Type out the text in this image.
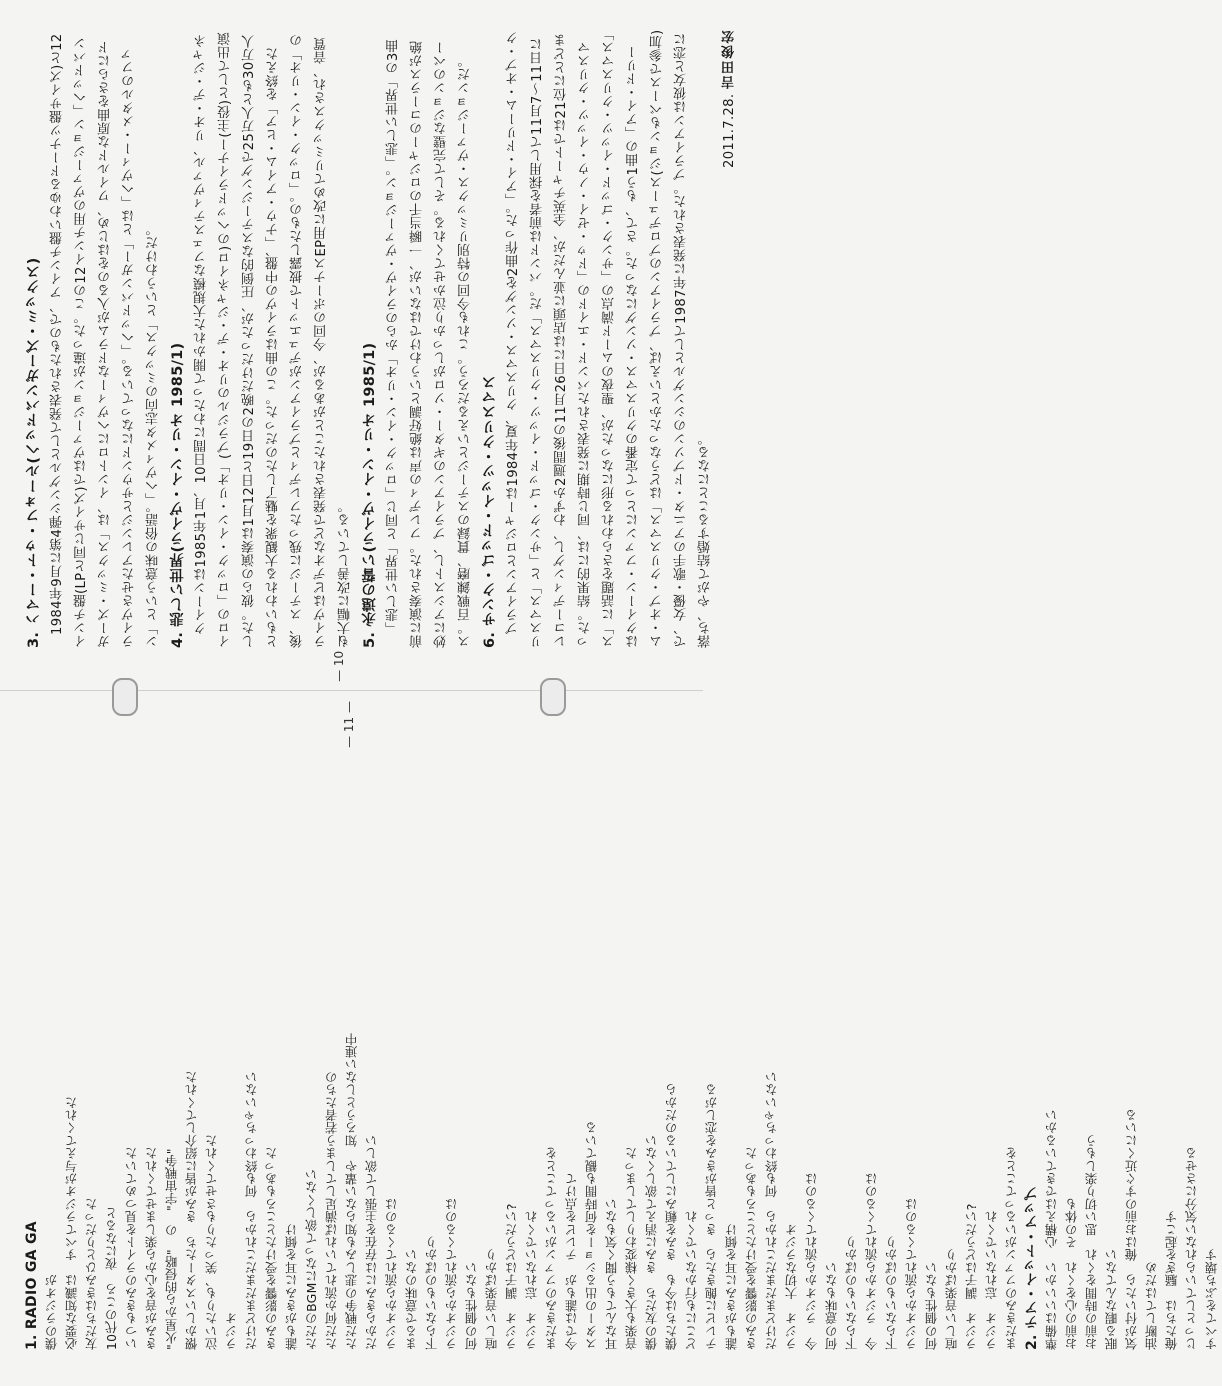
3. ハマー・トゥ・フォール(ヘッドバンガーズ・ミックス) 1984年9月に第4弾シングルとして発表されたもので、アインチ盤いわゆるドーナツ盤サイズ)と12インチ盤(LPと同じサイズ)ではヴァージョンが違った。この12インチ用のヴァージョン「ヘッドバンガーズ・ミックス」は、イントロにヘヴィーなドラムが入るのをはじめ、ワイルドな原曲をさらにドライヴさせたアレンジとサウンドになっている。「ヘッドバンガー」とは「ヘヴィー・メタルのファン」という意味の俗語。「ヘヴィメタ志向のミックス」というわけだ。 4. 悲しい世界(ライヴ・イン・リオ 1985/1) クイーンは1985年1月、10日間にわたって開かれた大規模なフェスティヴァル、リオ・デ・ジャネイロの「ロック・イン・リオ」(ブラジルのリオ・デ・ジャネイロ)のヘッドライナー(主役)として出演した。彼らの演奏は1月12日と19日の2晩だけだったが、圧倒的なステージングで25万人とも30万人ともいわれる大観衆を魅了したのだった。この曲はライヴの中盤、「ナウ・アイム・ヒア」を終えた後、ステージに残ったフレディとブライアンがデュエットで披露したもの。「ロック・イン・リオ」のライヴはビデオなどで発表されたことがあるが、今回のボーナスEP用に改めてリミックスされ、音質も大幅に改善している。 5. 永遠の誓い(ライヴ・イン・リオ 1985/1) 「悲しい世界」と同じ「ロック・イン・リオ」からのライヴ・ヴァージョン。「悲しい世界」の3曲前に演奏された。フレディの声は絶好調というわけではないが、一瞬当千のロジャーのコーラスが絶妙にアシストし、ブライアンのギター・ソロがしっかり泣かせてくれる。そして完璧なジョンのベース。百戦錬磨、貫録のステージといえるだろう。これも今回の特別リミックス・ヴァージョンだ。 6. サンク・ゴッド・イッツ・クリスマス ブライアンとロジャーは1984年夏、クリスマス・ソングを2曲作った。「アイ・ドリーム・オブ・クリスマス」と「サンク・ゴッド・イッツ・クリスマス」だ。バンドは前者を採用して11月7〜11日にレコーディングし、わずか2週間後の11月26日には店頭に並んだが、全英チャートでは21位にとどまった。結果的には、同じ時期に発表されたバンド・エイドの「ドゥ・ゼイ・ノウ・イッツ・クリスマス」に話題をさらわれる形になったが、聖夜のムード満点の「サンク・ゴッド・イッツ・クリスマス」はクイーン・ファンにとって定番のクリスマス・ソングになった。さて、もう1曲の「アイ・ドリーム・オブ・クリスマス」はどうなったかといえば、ブライアンのプロデュース(ジョンもベースで参加)で、女優・歌手のアニタ・ドブソンのシングルとして1987年に発表された。ブライアンは彼女と恋に落ち、やがて結婚することになる。

2011.7.28. 吉田俊宏

— 10 —

1. RADIO GA GA 僕のラジオが 必要な知識は　すべてラジオが与えてくれた 友だちはきみひとりだった 10代のころ　夜になると いつもきみのライトを見つめていた きみが音を心から楽しませてくれた "火星から的侵略"　の　"宇宙戦争" 懐かしいスターたち　きみが皆に紹介してくれた 泣いたりも、笑ったりもさせてくれた ラジオ だけどまだまだこれから　何も終わっちゃいない きみの影響を受けたところもあった 誰もがきみに耳を傾け ただのBGMになって欲しくない ただ何か流れていれば満足してしまう若者たちの ただ戦争の悲しみも知らない輩や　知ろうとしない連中 だからきみには存在を主張して欲しい ラジオから流れてくるのは まるで意味のない 下らないものばかり ラジオから流れてくるのは 何の個性もない 喧しい音楽ばかり ラジオ　調子はどうだい? ラジオ　忘れないでくれ まだきみのファンがいるってことを 今では誰もが　テレビを点けて スターの出るショーを何時間も観ている 耳なんてもう聞く気もない 音楽も大きく様変わりしてしまった 僕の友だち　きみに消えて欲しくない 僕たちは今も　きみを頼みにしているのだから どこにも行かないでくれ テレビに飽きたら　きっと皆がきみを恋しがる 誰もがきみに耳を傾け きみの影響を受けたところもあった だけどまだまだこれから　何も終わっちゃいない ラジオ　大切なラジオ 今　ラジオから流れてくるのは 何の意味もない 下らないものばかり 今　ラジオから流れてくるのは 下らないものばかり ラジオから流れてくるのは 何の個性もない 喧しい音楽ばかり ラジオ　調子はどうだい? ラジオ　忘れないでくれ まだきみのファンがいるってことを 2. テア・イット・アップ 準備はいいかい　心構えはできているかい お前の心をくれ　その体も お前の時間をくれ　思い切り楽しもう 眠る暇なんてない 気が付いたら　俺はお前のすぐ近くにいる 油断してはだめ 俺たちは　騒ぎを起こす じっとしていられない気分にさせる すべてをぶち壊す
— 11 —
